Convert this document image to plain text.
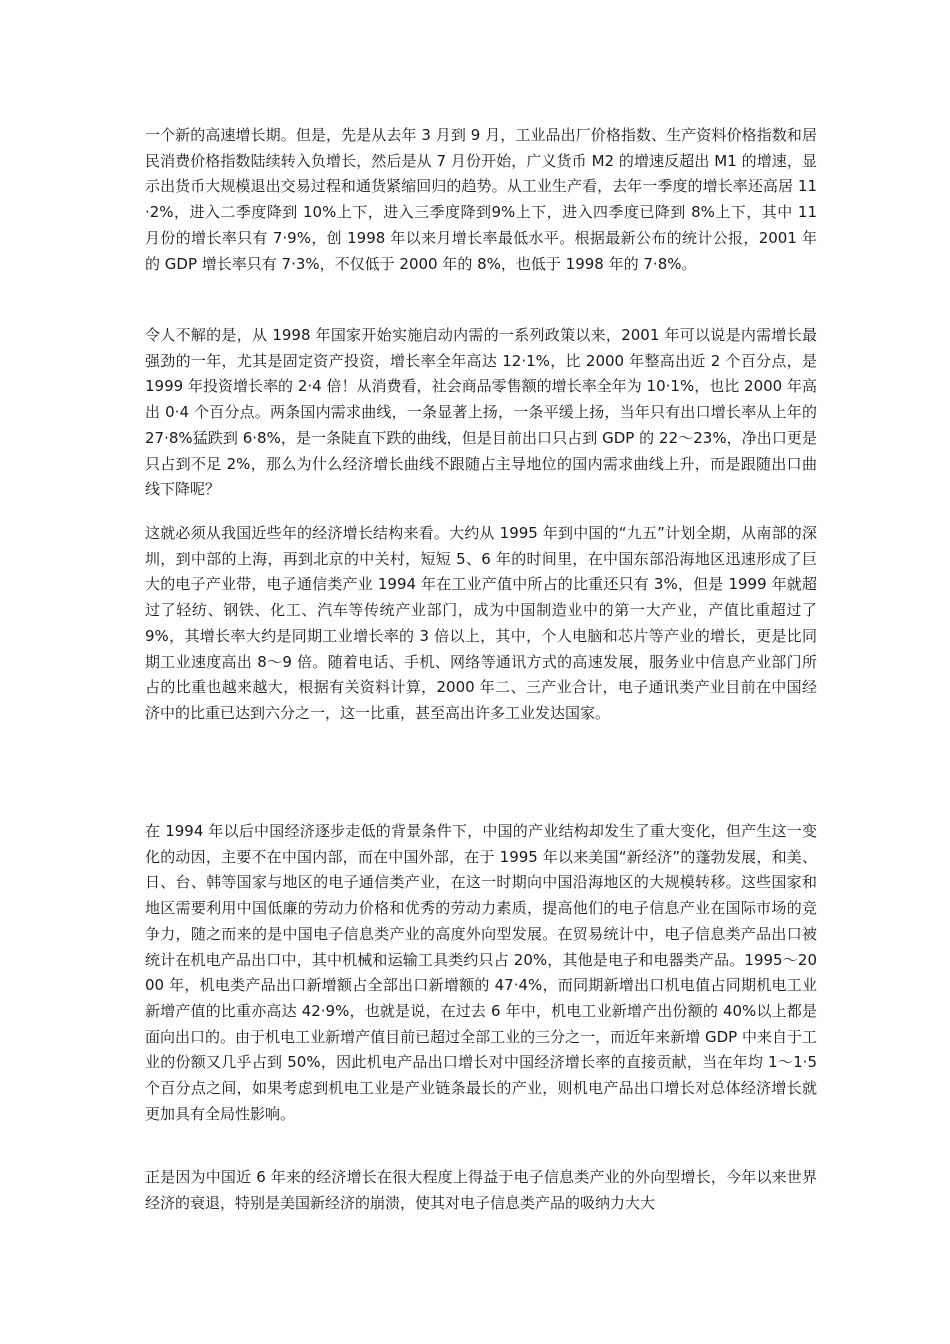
一个新的高速增长期。但是，先是从去年 3 月到 9 月，工业品出厂价格指数、生产资料价格指数和居民消费价格指数陆续转入负增长，然后是从 7 月份开始，广义货币 M2 的增速反超出 M1 的增速，显示出货币大规模退出交易过程和通货紧缩回归的趋势。从工业生产看，去年一季度的增长率还高居 11·2%，进入二季度降到 10%上下，进入三季度降到9%上下，进入四季度已降到 8%上下，其中 11 月份的增长率只有 7·9%，创 1998 年以来月增长率最低水平。根据最新公布的统计公报，2001 年的 GDP 增长率只有 7·3%，不仅低于 2000 年的 8%，也低于 1998 年的 7·8%。

令人不解的是，从 1998 年国家开始实施启动内需的一系列政策以来，2001 年可以说是内需增长最强劲的一年，尤其是固定资产投资，增长率全年高达 12·1%，比 2000 年整高出近 2 个百分点，是 1999 年投资增长率的 2·4 倍！从消费看，社会商品零售额的增长率全年为 10·1%，也比 2000 年高出 0·4 个百分点。两条国内需求曲线，一条显著上扬，一条平缓上扬，当年只有出口增长率从上年的 27·8%猛跌到 6·8%，是一条陡直下跌的曲线，但是目前出口只占到 GDP 的 22～23%，净出口更是只占到不足 2%，那么为什么经济增长曲线不跟随占主导地位的国内需求曲线上升，而是跟随出口曲线下降呢？

这就必须从我国近些年的经济增长结构来看。大约从 1995 年到中国的“九五”计划全期，从南部的深圳，到中部的上海，再到北京的中关村，短短 5、6 年的时间里，在中国东部沿海地区迅速形成了巨大的电子产业带，电子通信类产业 1994 年在工业产值中所占的比重还只有 3%，但是 1999 年就超过了轻纺、钢铁、化工、汽车等传统产业部门，成为中国制造业中的第一大产业，产值比重超过了 9%，其增长率大约是同期工业增长率的 3 倍以上，其中，个人电脑和芯片等产业的增长，更是比同期工业速度高出 8～9 倍。随着电话、手机、网络等通讯方式的高速发展，服务业中信息产业部门所占的比重也越来越大，根据有关资料计算，2000 年二、三产业合计，电子通讯类产业目前在中国经济中的比重已达到六分之一，这一比重，甚至高出许多工业发达国家。

在 1994 年以后中国经济逐步走低的背景条件下，中国的产业结构却发生了重大变化，但产生这一变化的动因，主要不在中国内部，而在中国外部，在于 1995 年以来美国“新经济”的蓬勃发展，和美、日、台、韩等国家与地区的电子通信类产业，在这一时期向中国沿海地区的大规模转移。这些国家和地区需要利用中国低廉的劳动力价格和优秀的劳动力素质，提高他们的电子信息产业在国际市场的竞争力，随之而来的是中国电子信息类产业的高度外向型发展。在贸易统计中，电子信息类产品出口被统计在机电产品出口中，其中机械和运输工具类约只占 20%，其他是电子和电器类产品。1995～2000 年，机电类产品出口新增额占全部出口新增额的 47·4%，而同期新增出口机电值占同期机电工业新增产值的比重亦高达 42·9%，也就是说，在过去 6 年中，机电工业新增产出份额的 40%以上都是面向出口的。由于机电工业新增产值目前已超过全部工业的三分之一，而近年来新增 GDP 中来自于工业的份额又几乎占到 50%，因此机电产品出口增长对中国经济增长率的直接贡献，当在年均 1～1·5 个百分点之间，如果考虑到机电工业是产业链条最长的产业，则机电产品出口增长对总体经济增长就更加具有全局性影响。

正是因为中国近 6 年来的经济增长在很大程度上得益于电子信息类产业的外向型增长，今年以来世界经济的衰退，特别是美国新经济的崩溃，使其对电子信息类产品的吸纳力大大
